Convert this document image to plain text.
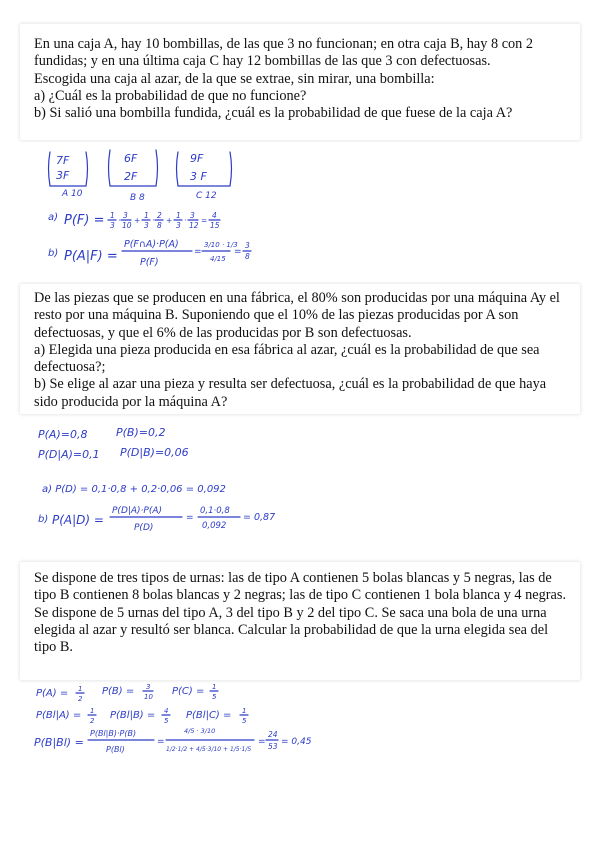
En una caja A, hay 10 bombillas, de las que 3 no funcionan; en otra caja B, hay 8 con 2 fundidas; y en una última caja C hay 12 bombillas de las que 3 con defectuosas.
Escogida una caja al azar, de la que se extrae, sin mirar, una bombilla:
a) ¿Cuál es la probabilidad de que no funcione?
b) Si salió una bombilla fundida, ¿cuál es la probabilidad de que fuese de la caja A?

7F
3F
A 10
6F
2F
B 8
9F
3 F
C 12
a) P(F) = 1
3
·
3
10
+
1
3
·
2
8
+
1
3
·
3
12
=
4
15
b) P(A|F) =
P(F∩A)·P(A)
P(F)
=
3/10 · 1/3
4/15
=
3
8

De las piezas que se producen en una fábrica, el 80% son producidas por una máquina Ay el resto por una máquina B. Suponiendo que el 10% de las piezas producidas por A son defectuosas, y que el 6% de las producidas por B son defectuosas.
a) Elegida una pieza producida en esa fábrica al azar, ¿cuál es la probabilidad de que sea defectuosa?;
b) Se elige al azar una pieza y resulta ser defectuosa, ¿cuál es la probabilidad de que haya sido producida por la máquina A?

P(A)=0,8	P(B)=0,2
P(D|A)=0,1 P(D|B)=0,06
a) P(D) = 0,1·0,8 + 0,2·0,06 = 0,092
b) P(A|D) =
P(D|A)·P(A)
P(D)
=
0,1·0,8
0,092
= 0,87

Se dispone de tres tipos de urnas: las de tipo A contienen 5 bolas blancas y 5 negras, las de tipo B contienen 8 bolas blancas y 2 negras; las de tipo C contienen 1 bola blanca y 4 negras.
Se dispone de 5 urnas del tipo A, 3 del tipo B y 2 del tipo C. Se saca una bola de una urna elegida al azar y resultó ser blanca. Calcular la probabilidad de que la urna elegida sea del tipo B.

P(A) = 1
2
P(B) = 3
10 P(C) = 1
5
P(Bl|A) = 1
2 P(Bl|B) = 4
5 P(Bl|C) = 1
5
P(B|Bl) =
P(Bl|B)·P(B)
P(Bl)
=
4/5 · 3/10
1/2·1/2 + 4/5·3/10 + 1/5·1/5
=
24
53 = 0,45
